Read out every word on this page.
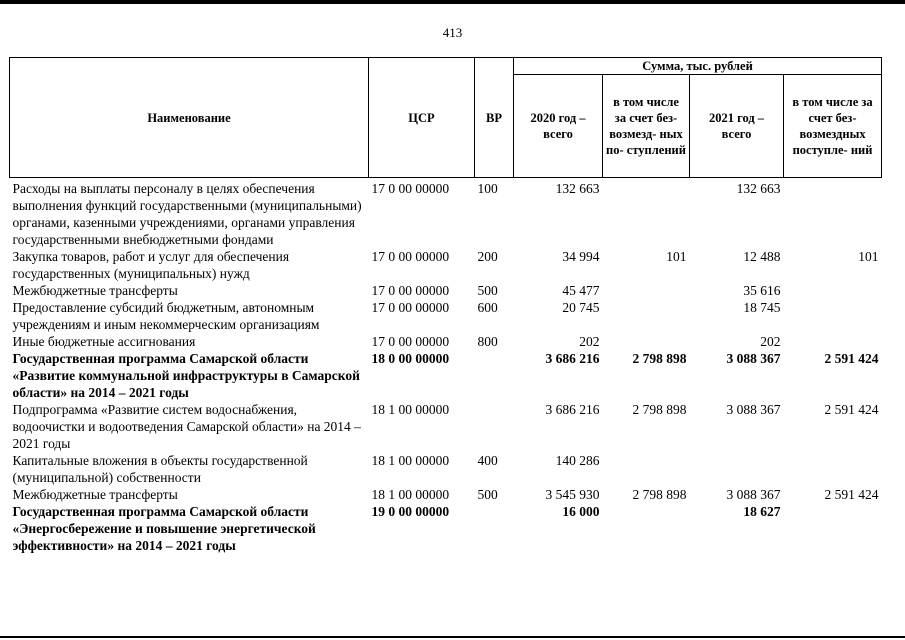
413
Наименование	ЦСР	ВР	Сумма, тыс. рублей			
			2020 год – всего	в том числе за счет без- возмезд- ных по- ступлений	2021 год – всего	в том числе за счет без- возмездных поступле- ний
Расходы на выплаты персоналу в целях обеспечения выполнения функций государственными (муниципальными) органами, казенными учреждениями, органами управления государственными внебюджетными фондами	17 0 00 00000	100	132 663		132 663	
Закупка товаров, работ и услуг для обеспечения государственных (муниципальных) нужд	17 0 00 00000	200	34 994	101	12 488	101
Межбюджетные трансферты	17 0 00 00000	500	45 477		35 616	
Предоставление субсидий бюджетным, автономным учреждениям и иным некоммерческим организациям	17 0 00 00000	600	20 745		18 745	
Иные бюджетные ассигнования	17 0 00 00000	800	202		202	
Государственная программа Самарской области «Развитие коммунальной инфраструктуры в Самарской области» на 2014 – 2021 годы	18 0 00 00000		3 686 216	2 798 898	3 088 367	2 591 424
Подпрограмма «Развитие систем водоснабжения, водоочистки и водоотведения Самарской области» на 2014 – 2021 годы	18 1 00 00000		3 686 216	2 798 898	3 088 367	2 591 424
Капитальные вложения в объекты государственной (муниципальной) собственности	18 1 00 00000	400	140 286			
Межбюджетные трансферты	18 1 00 00000	500	3 545 930	2 798 898	3 088 367	2 591 424
Государственная программа Самарской области «Энергосбережение и повышение энергетической эффективности» на 2014 – 2021 годы	19 0 00 00000		16 000		18 627	
